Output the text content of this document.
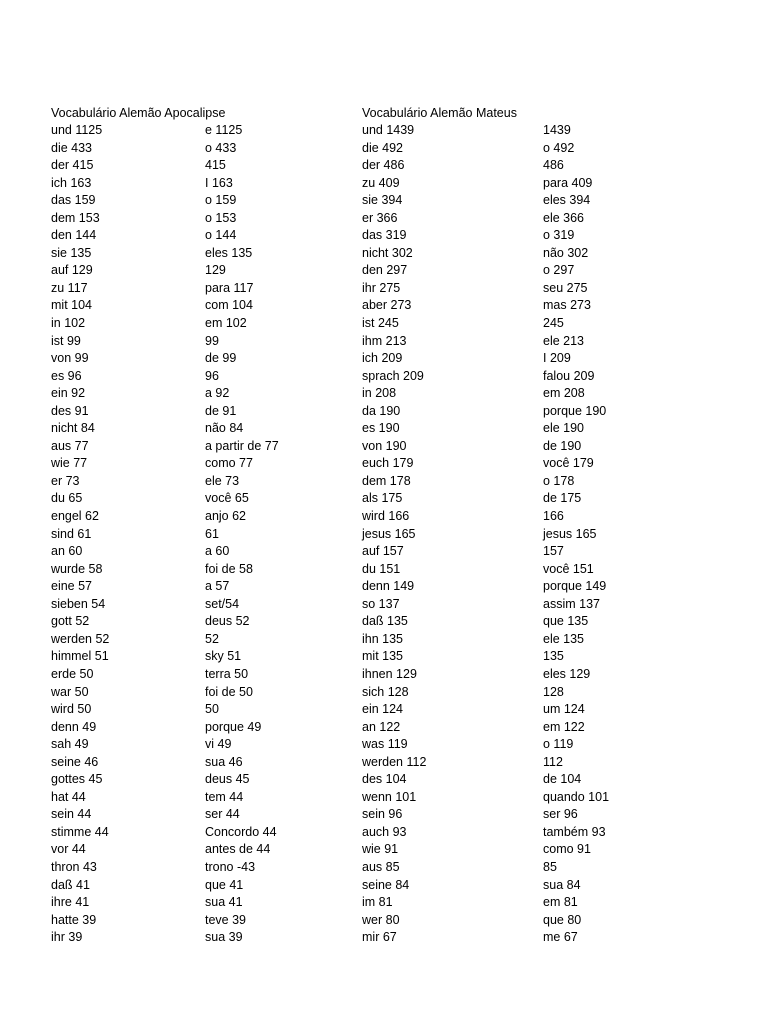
Vocabulário Alemão Apocalipse
und 1125
die 433
der 415
ich 163
das 159
dem 153
den 144
sie 135
auf 129
zu 117
mit 104
in 102
ist 99
von 99
es 96
ein 92
des 91
nicht 84
aus 77
wie 77
er 73
du 65
engel 62
sind 61
an 60
wurde 58
eine 57
sieben 54
gott 52
werden 52
himmel 51
erde 50
war 50
wird 50
denn 49
sah 49
seine 46
gottes 45
hat 44
sein 44
stimme 44
vor 44
thron 43
daß 41
ihre 41
hatte 39
ihr 39
e 1125
o 433
415
I 163
o 159
o 153
o 144
eles 135
129
para 117
com 104
em 102
99
de 99
96
a 92
de 91
não 84
a partir de 77
como 77
ele 73
você 65
anjo 62
61
a 60
foi de 58
a 57
set/54
deus 52
52
sky 51
terra 50
foi de 50
50
porque 49
vi 49
sua 46
deus 45
tem 44
ser 44
Concordo 44
antes de 44
trono -43
que 41
sua 41
teve 39
sua 39
Vocabulário Alemão Mateus
und 1439
die 492
der 486
zu 409
sie 394
er 366
das 319
nicht 302
den 297
ihr 275
aber 273
ist 245
ihm 213
ich 209
sprach 209
in 208
da 190
es 190
von 190
euch 179
dem 178
als 175
wird 166
jesus 165
auf 157
du 151
denn 149
so 137
daß 135
ihn 135
mit 135
ihnen 129
sich 128
ein 124
an 122
was 119
werden 112
des 104
wenn 101
sein 96
auch 93
wie 91
aus 85
seine 84
im 81
wer 80
mir 67
1439
o 492
486
para 409
eles 394
ele 366
o 319
não 302
o 297
seu 275
mas 273
245
ele 213
I 209
falou 209
em 208
porque 190
ele 190
de 190
você 179
o 178
de 175
166
jesus 165
157
você 151
porque 149
assim 137
que 135
ele 135
135
eles 129
128
um 124
em 122
o 119
112
de 104
quando 101
ser 96
também 93
como 91
85
sua 84
em 81
que 80
me 67
